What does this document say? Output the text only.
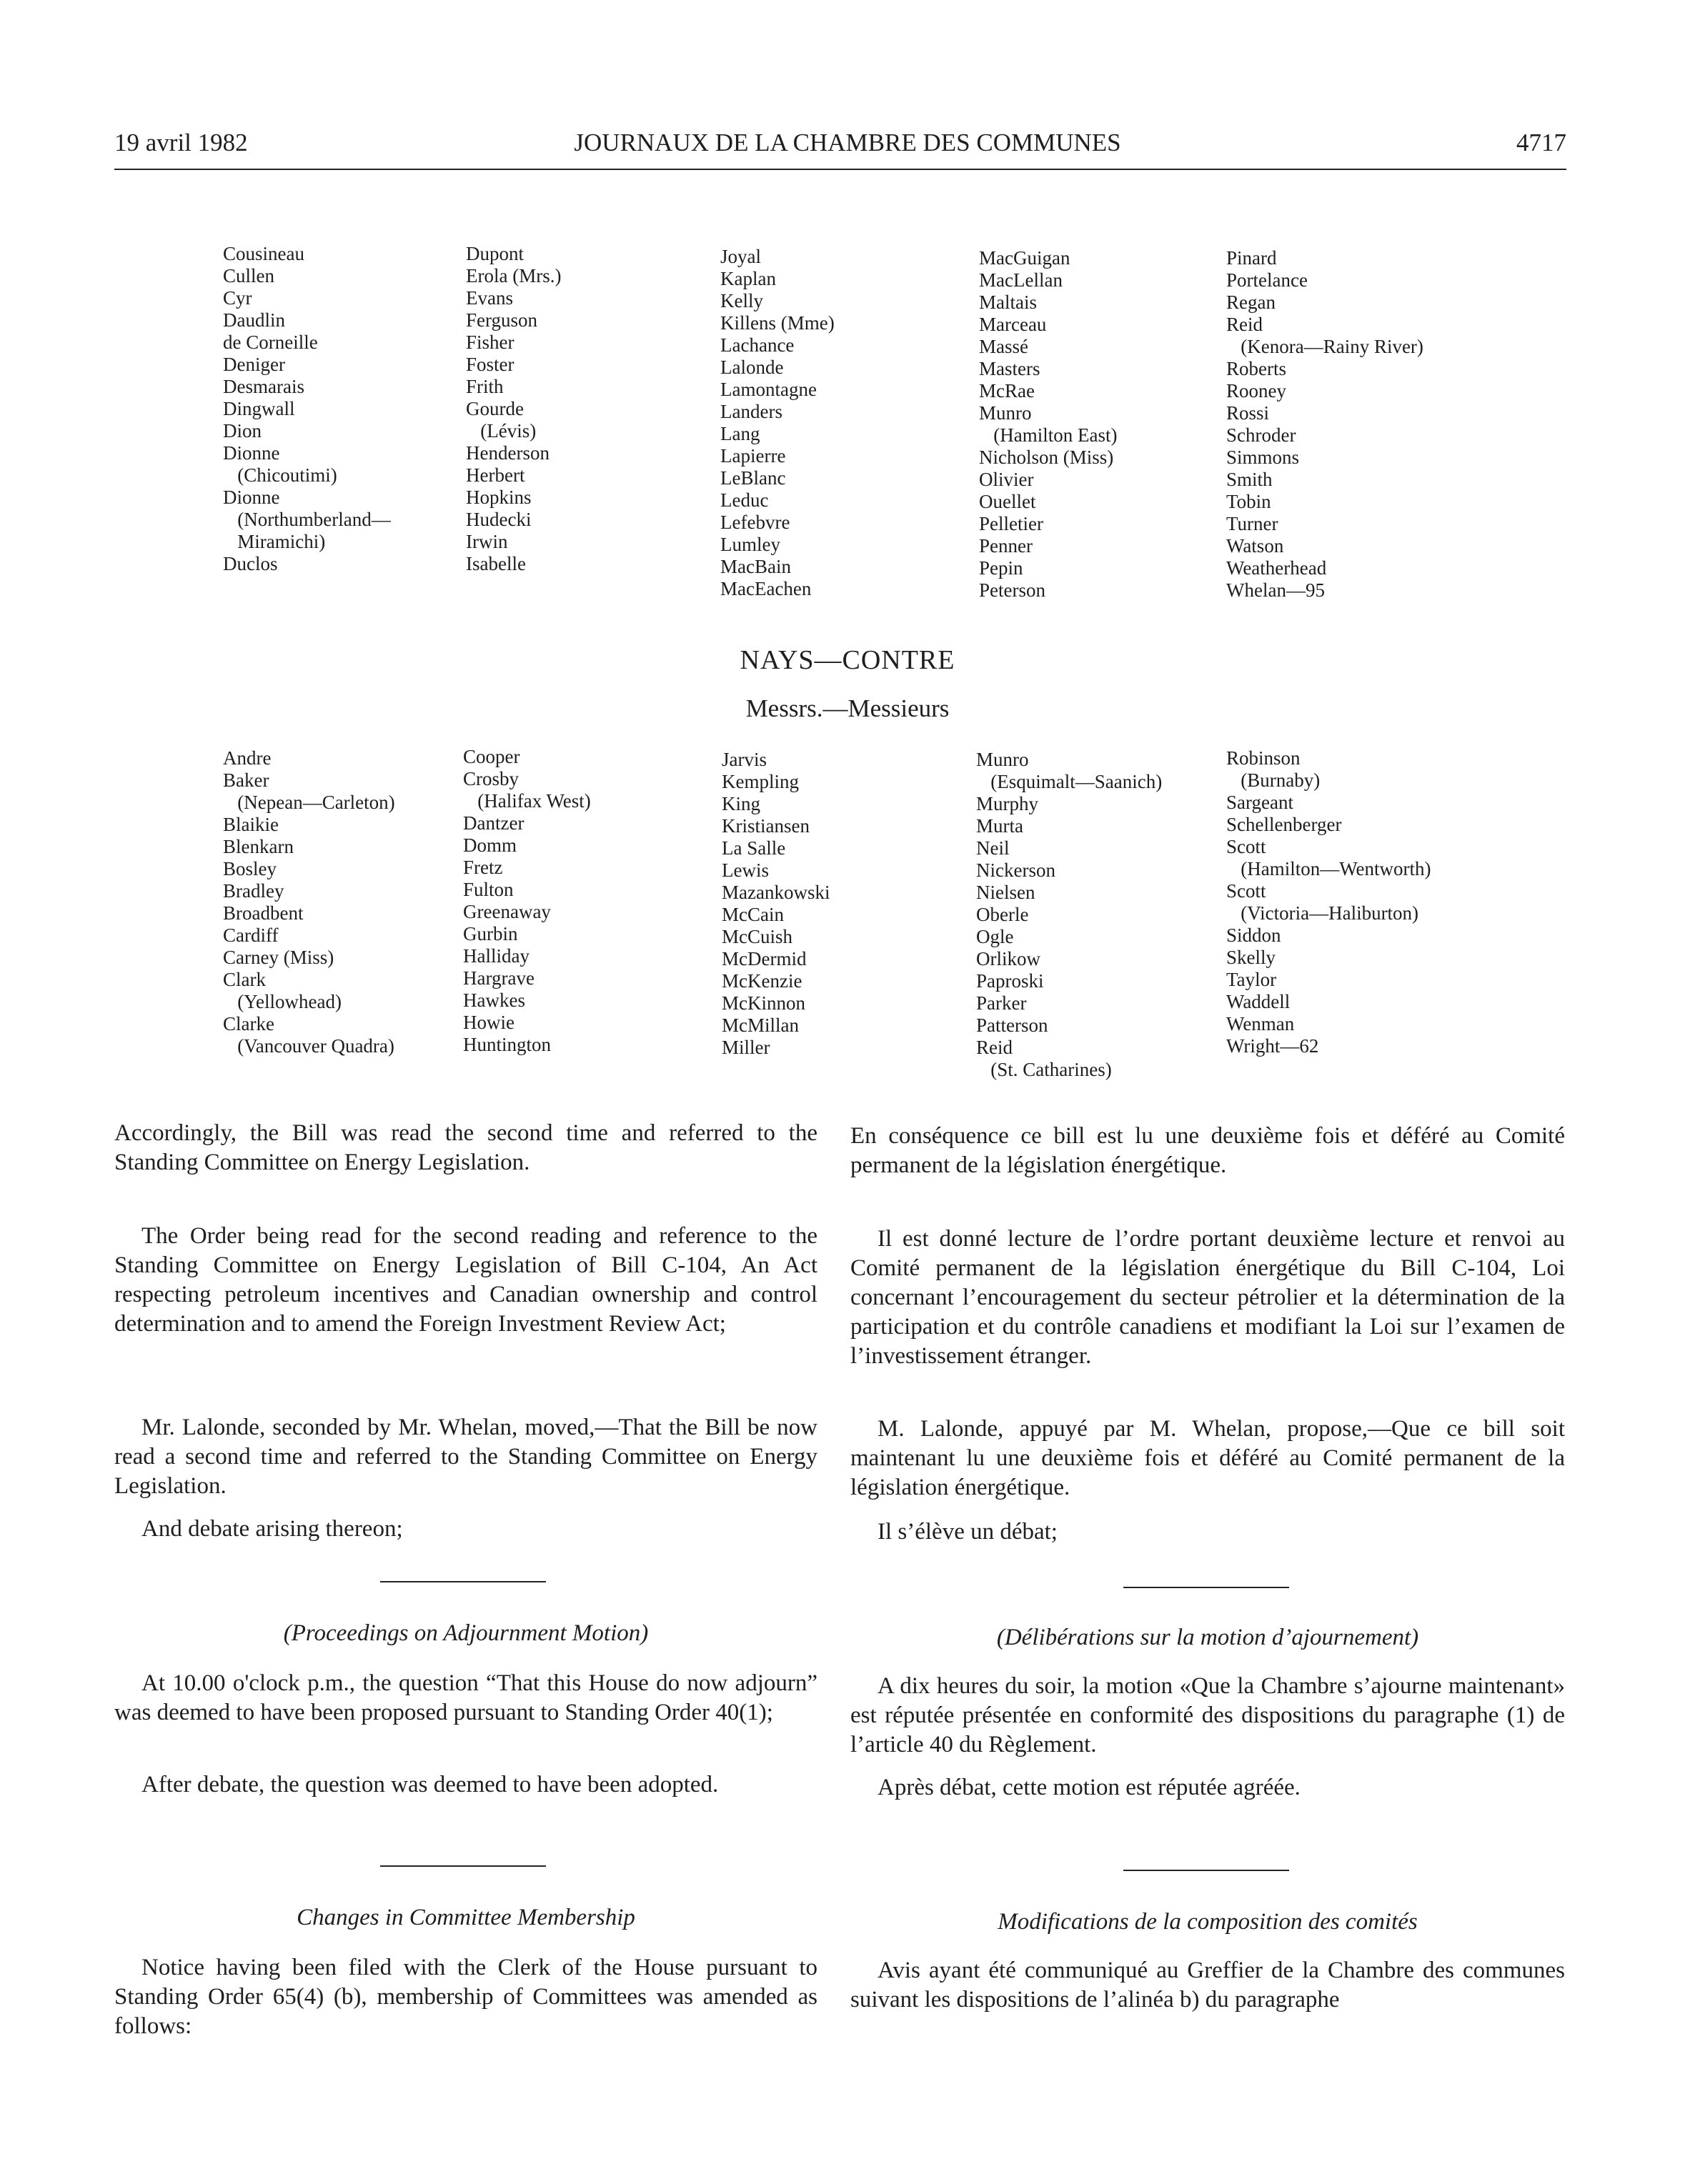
19 avril 1982	JOURNAUX DE LA CHAMBRE DES COMMUNES	4717
Cousineau
Cullen
Cyr
Daudlin
de Corneille
Deniger
Desmarais
Dingwall
Dion
Dionne
(Chicoutimi)
Dionne
(Northumberland—
Miramichi)
Duclos
Dupont
Erola (Mrs.)
Evans
Ferguson
Fisher
Foster
Frith
Gourde
(Lévis)
Henderson
Herbert
Hopkins
Hudecki
Irwin
Isabelle
Joyal
Kaplan
Kelly
Killens (Mme)
Lachance
Lalonde
Lamontagne
Landers
Lang
Lapierre
LeBlanc
Leduc
Lefebvre
Lumley
MacBain
MacEachen
MacGuigan
MacLellan
Maltais
Marceau
Massé
Masters
McRae
Munro
(Hamilton East)
Nicholson (Miss)
Olivier
Ouellet
Pelletier
Penner
Pepin
Peterson
Pinard
Portelance
Regan
Reid
(Kenora—Rainy River)
Roberts
Rooney
Rossi
Schroder
Simmons
Smith
Tobin
Turner
Watson
Weatherhead
Whelan—95
NAYS—CONTRE
Messrs.—Messieurs
Andre
Baker
(Nepean—Carleton)
Blaikie
Blenkarn
Bosley
Bradley
Broadbent
Cardiff
Carney (Miss)
Clark
(Yellowhead)
Clarke
(Vancouver Quadra)
Cooper
Crosby
(Halifax West)
Dantzer
Domm
Fretz
Fulton
Greenaway
Gurbin
Halliday
Hargrave
Hawkes
Howie
Huntington
Jarvis
Kempling
King
Kristiansen
La Salle
Lewis
Mazankowski
McCain
McCuish
McDermid
McKenzie
McKinnon
McMillan
Miller
Munro
(Esquimalt—Saanich)
Murphy
Murta
Neil
Nickerson
Nielsen
Oberle
Ogle
Orlikow
Paproski
Parker
Patterson
Reid
(St. Catharines)
Robinson
(Burnaby)
Sargeant
Schellenberger
Scott
(Hamilton—Wentworth)
Scott
(Victoria—Haliburton)
Siddon
Skelly
Taylor
Waddell
Wenman
Wright—62

Accordingly, the Bill was read the second time and referred to the Standing Committee on Energy Legislation.

The Order being read for the second reading and reference to the Standing Committee on Energy Legislation of Bill C-104, An Act respecting petroleum incentives and Canadian ownership and control determination and to amend the Foreign Investment Review Act;

Mr. Lalonde, seconded by Mr. Whelan, moved,—That the Bill be now read a second time and referred to the Standing Committee on Energy Legislation.

And debate arising thereon;

(Proceedings on Adjournment Motion)

At 10.00 o'clock p.m., the question “That this House do now adjourn” was deemed to have been proposed pursuant to Standing Order 40(1);

After debate, the question was deemed to have been adopted.

Changes in Committee Membership

Notice having been filed with the Clerk of the House pursuant to Standing Order 65(4) (b), membership of Committees was amended as follows:

En conséquence ce bill est lu une deuxième fois et déféré au Comité permanent de la législation énergétique.

Il est donné lecture de l’ordre portant deuxième lecture et renvoi au Comité permanent de la législation énergétique du Bill C-104, Loi concernant l’encouragement du secteur pétrolier et la détermination de la participation et du contrôle canadiens et modifiant la Loi sur l’examen de l’investissement étranger.

M. Lalonde, appuyé par M. Whelan, propose,—Que ce bill soit maintenant lu une deuxième fois et déféré au Comité permanent de la législation énergétique.

Il s’élève un débat;

(Délibérations sur la motion d’ajournement)

A dix heures du soir, la motion «Que la Chambre s’ajourne maintenant» est réputée présentée en conformité des dispositions du paragraphe (1) de l’article 40 du Règlement.

Après débat, cette motion est réputée agréée.

Modifications de la composition des comités

Avis ayant été communiqué au Greffier de la Chambre des communes suivant les dispositions de l’alinéa b) du paragraphe
